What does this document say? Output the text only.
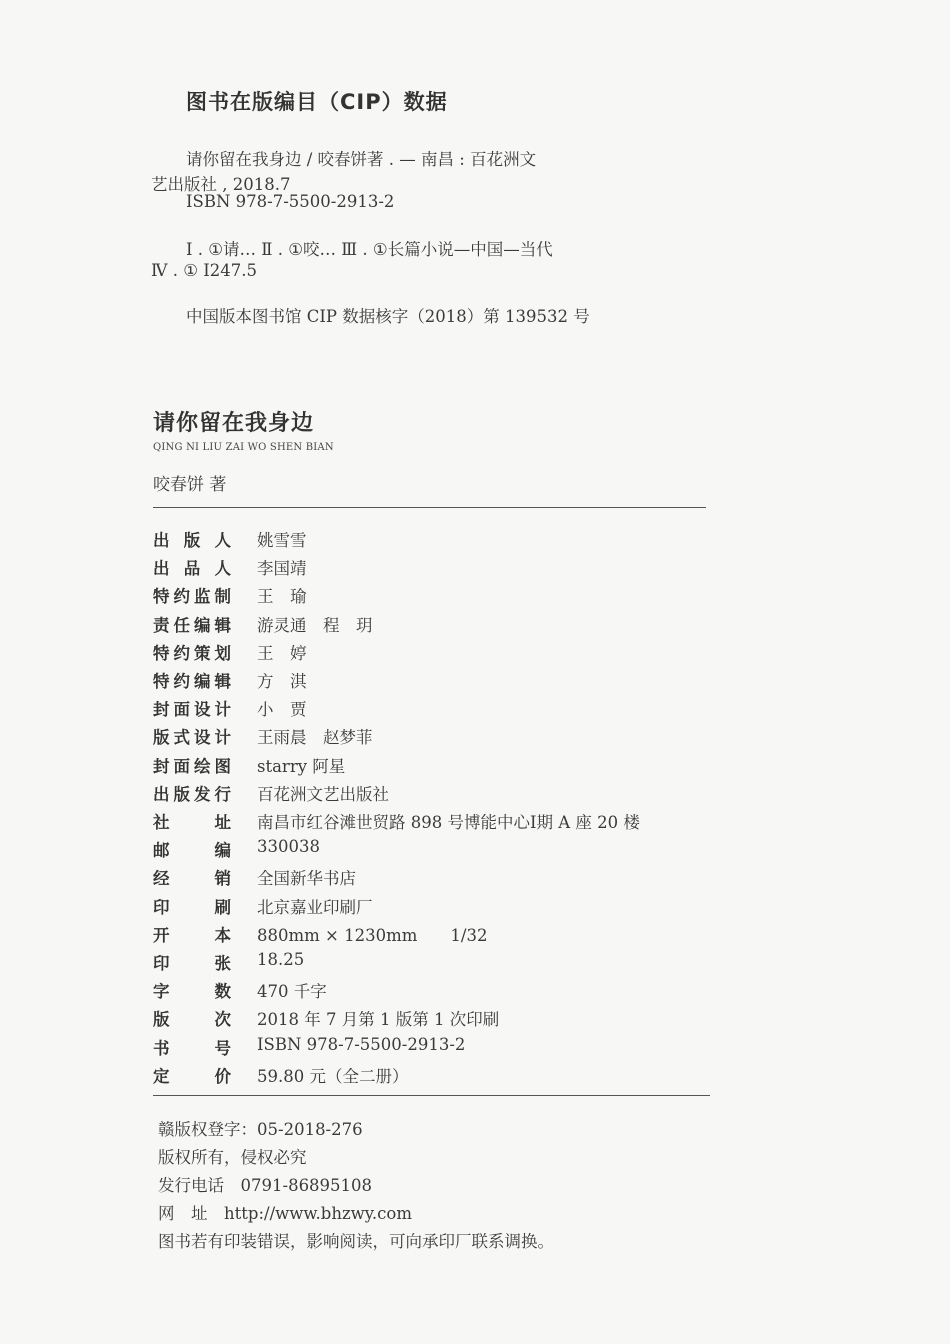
图书在版编目（CIP）数据
请你留在我身边 / 咬春饼著 . — 南昌 : 百花洲文
艺出版社 , 2018.7
ISBN 978-7-5500-2913-2
Ⅰ . ①请… Ⅱ . ①咬… Ⅲ . ①长篇小说—中国—当代
Ⅳ . ① I247.5
中国版本图书馆 CIP 数据核字（2018）第 139532 号
请你留在我身边
QING NI LIU ZAI WO SHEN BIAN
咬春饼 著
出 版 人 姚雪雪
出 品 人 李国靖
特 约 监 制 王　瑜
责 任 编 辑 游灵通　程　玥
特 约 策 划 王　婷
特 约 编 辑 方　淇
封 面 设 计 小　贾
版 式 设 计 王雨晨　赵梦菲
封 面 绘 图 starry 阿星
出 版 发 行 百花洲文艺出版社
社	址 南昌市红谷滩世贸路 898 号博能中心Ⅰ期 A 座 20 楼
邮	编 330038
经	销 全国新华书店
印	刷 北京嘉业印刷厂
开	本 880mm × 1230mm　　1/32
印	张 18.25
字	数 470 千字
版	次 2018 年 7 月第 1 版第 1 次印刷
书	号 ISBN 978-7-5500-2913-2
定	价 59.80 元（全二册）
赣版权登字：05-2018-276
版权所有，侵权必究
发行电话　0791-86895108
网　址　http://www.bhzwy.com
图书若有印装错误，影响阅读，可向承印厂联系调换。
